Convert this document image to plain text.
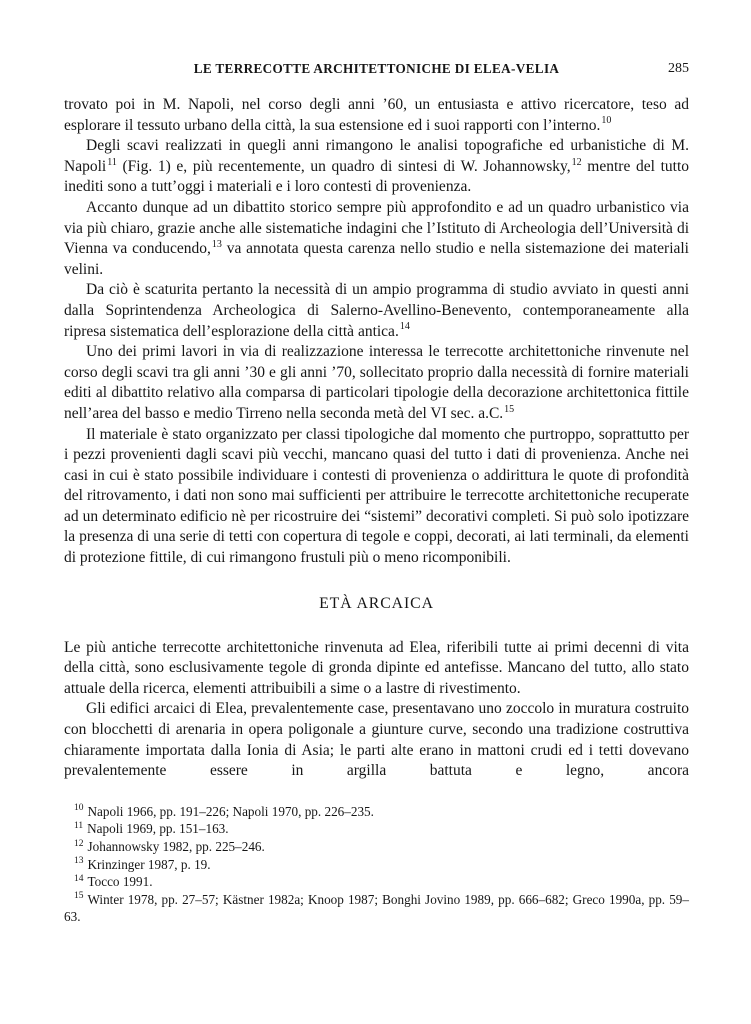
LE TERRECOTTE ARCHITETTONICHE DI ELEA-VELIA	285

trovato poi in M. Napoli, nel corso degli anni ’60, un entusiasta e attivo ricercatore, teso ad esplorare il tessuto urbano della città, la sua estensione ed i suoi rapporti con l’interno.$^{10}$

Degli scavi realizzati in quegli anni rimangono le analisi topografiche ed urbanistiche di M. Napoli$^{11}$ (Fig. 1) e, più recentemente, un quadro di sintesi di W. Johannowsky,$^{12}$ mentre del tutto inediti sono a tutt’oggi i materiali e i loro contesti di provenienza.

Accanto dunque ad un dibattito storico sempre più approfondito e ad un quadro urbanistico via via più chiaro, grazie anche alle sistematiche indagini che l’Istituto di Archeologia dell’Università di Vienna va conducendo,$^{13}$ va annotata questa carenza nello studio e nella sistemazione dei materiali velini.

Da ciò è scaturita pertanto la necessità di un ampio programma di studio avviato in questi anni dalla Soprintendenza Archeologica di Salerno-Avellino-Benevento, contemporaneamente alla ripresa sistematica dell’esplorazione della città antica.$^{14}$

Uno dei primi lavori in via di realizzazione interessa le terrecotte architettoniche rinvenute nel corso degli scavi tra gli anni ’30 e gli anni ’70, sollecitato proprio dalla necessità di fornire materiali editi al dibattito relativo alla comparsa di particolari tipologie della decorazione architettonica fittile nell’area del basso e medio Tirreno nella seconda metà del VI sec. a.C.$^{15}$

Il materiale è stato organizzato per classi tipologiche dal momento che purtroppo, soprattutto per i pezzi provenienti dagli scavi più vecchi, mancano quasi del tutto i dati di provenienza. Anche nei casi in cui è stato possibile individuare i contesti di provenienza o addirittura le quote di profondità del ritrovamento, i dati non sono mai sufficienti per attribuire le terrecotte architettoniche recuperate ad un determinato edificio nè per ricostruire dei “sistemi” decorativi completi. Si può solo ipotizzare la presenza di una serie di tetti con copertura di tegole e coppi, decorati, ai lati terminali, da elementi di protezione fittile, di cui rimangono frustuli più o meno ricomponibili.

ETÀ ARCAICA

Le più antiche terrecotte architettoniche rinvenuta ad Elea, riferibili tutte ai primi decenni di vita della città, sono esclusivamente tegole di gronda dipinte ed antefisse. Mancano del tutto, allo stato attuale della ricerca, elementi attribuibili a sime o a lastre di rivestimento.

Gli edifici arcaici di Elea, prevalentemente case, presentavano uno zoccolo in muratura costruito con blocchetti di arenaria in opera poligonale a giunture curve, secondo una tradizione costruttiva chiaramente importata dalla Ionia di Asia; le parti alte erano in mattoni crudi ed i tetti dovevano prevalentemente essere in argilla battuta e legno, ancora

$^{10}$ Napoli 1966, pp. 191–226; Napoli 1970, pp. 226–235.

$^{11}$ Napoli 1969, pp. 151–163.

$^{12}$ Johannowsky 1982, pp. 225–246.

$^{13}$ Krinzinger 1987, p. 19.

$^{14}$ Tocco 1991.

$^{15}$ Winter 1978, pp. 27–57; Kästner 1982a; Knoop 1987; Bonghi Jovino 1989, pp. 666–682; Greco 1990a, pp. 59–63.
